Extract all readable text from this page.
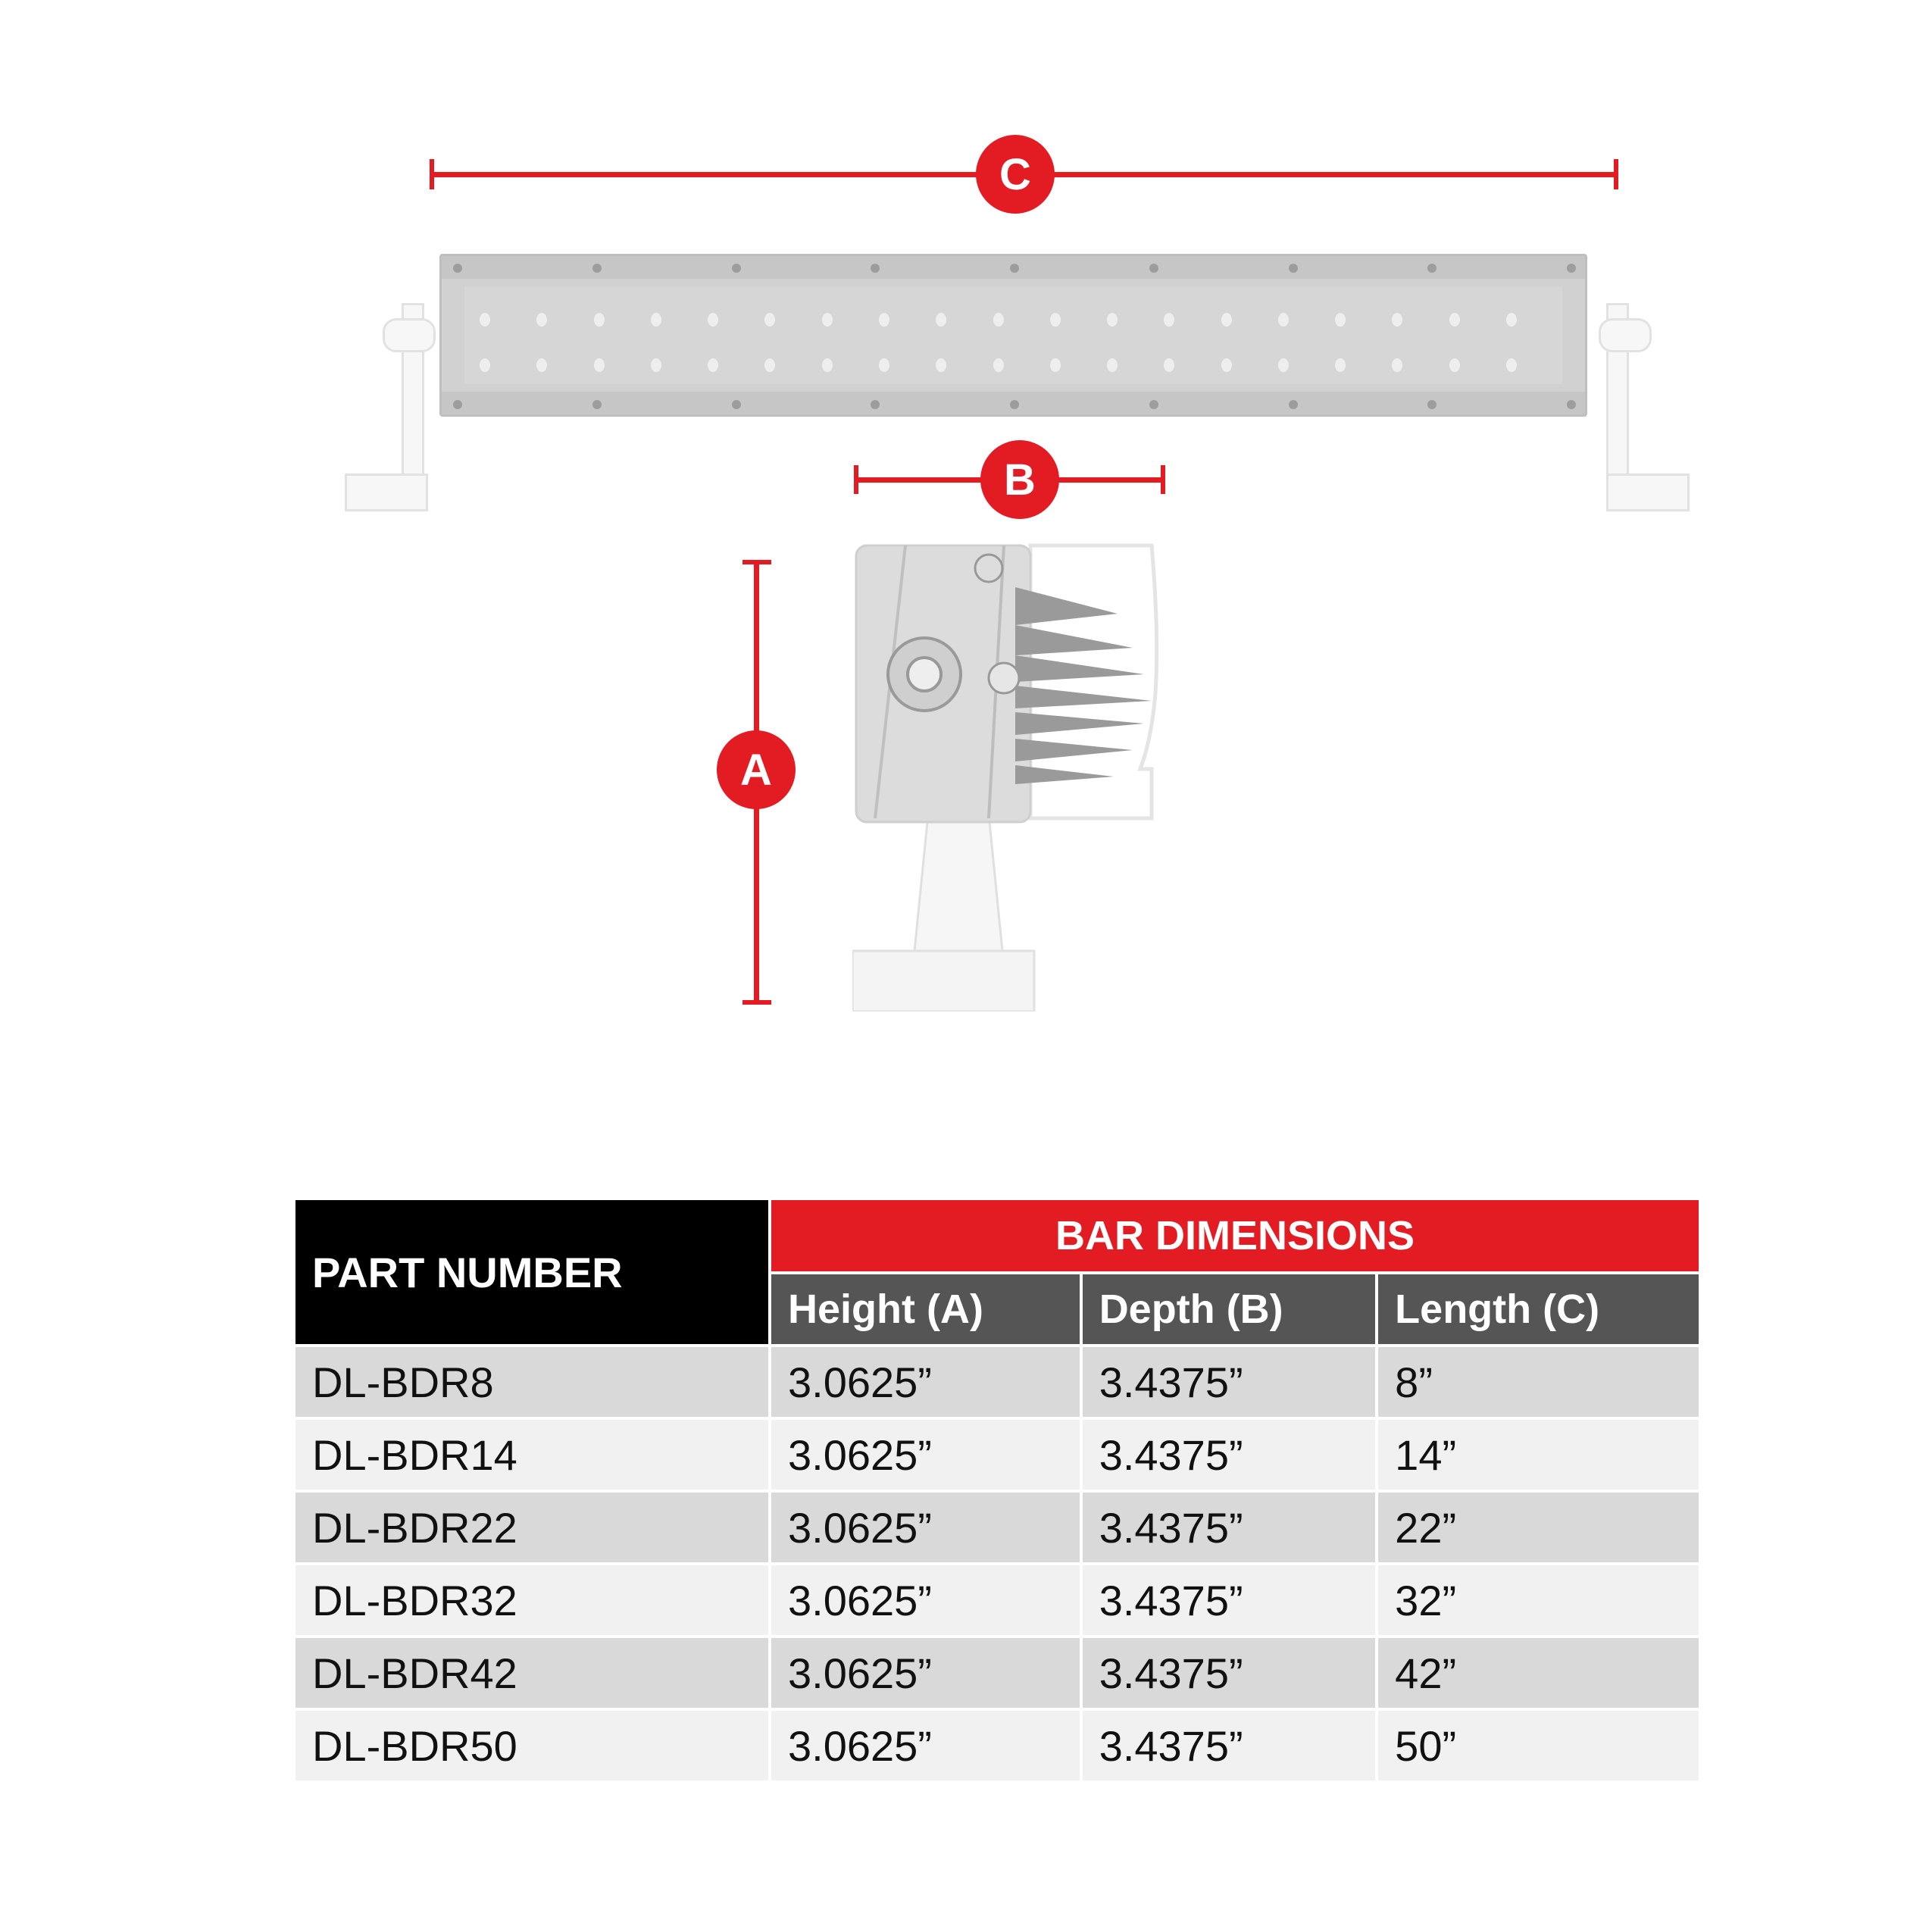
C
B
A
PART NUMBER	BAR DIMENSIONS		
	Height (A)	Depth (B)	Length (C)
DL-BDR8	3.0625”	3.4375”	8”
DL-BDR14	3.0625”	3.4375”	14”
DL-BDR22	3.0625”	3.4375”	22”
DL-BDR32	3.0625”	3.4375”	32”
DL-BDR42	3.0625”	3.4375”	42”
DL-BDR50	3.0625”	3.4375”	50”
